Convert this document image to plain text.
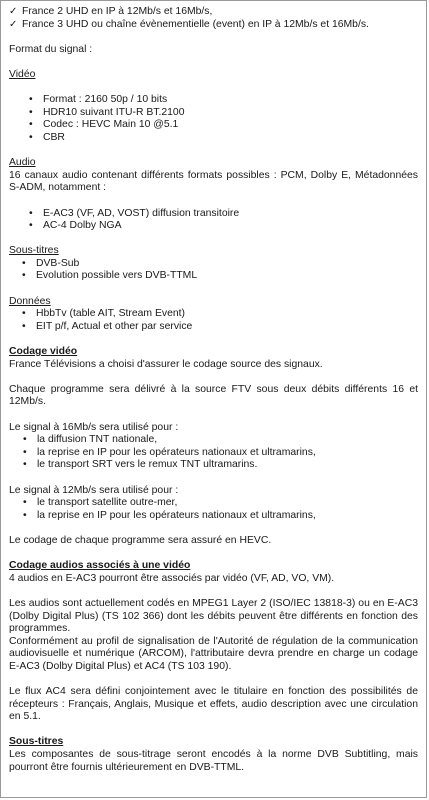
✓ France 2 UHD en IP à 12Mb/s et 16Mb/s,
✓ France 3 UHD ou chaîne évènementielle (event) en IP à 12Mb/s et 16Mb/s.

Format du signal :

Vidéo

• Format : 2160 50p / 10 bits
• HDR10 suivant ITU-R BT.2100
• Codec : HEVC Main 10 @5.1
• CBR

Audio

16 canaux audio contenant différents formats possibles : PCM, Dolby E, Métadonnées S-ADM, notamment :

• E-AC3 (VF, AD, VOST) diffusion transitoire
• AC-4 Dolby NGA

Sous-titres

• DVB-Sub
• Evolution possible vers DVB-TTML

Données

• HbbTv (table AIT, Stream Event)
• EIT p/f, Actual et other par service

Codage vidéo

France Télévisions a choisi d'assurer le codage source des signaux.

Chaque programme sera délivré à la source FTV sous deux débits différents 16 et 12Mb/s.

Le signal à 16Mb/s sera utilisé pour :

• la diffusion TNT nationale,
• la reprise en IP pour les opérateurs nationaux et ultramarins,
• le transport SRT vers le remux TNT ultramarins.

Le signal à 12Mb/s sera utilisé pour :

• le transport satellite outre-mer,
• la reprise en IP pour les opérateurs nationaux et ultramarins,

Le codage de chaque programme sera assuré en HEVC.

Codage audios associés à une vidéo

4 audios en E-AC3 pourront être associés par vidéo (VF, AD, VO, VM).

Les audios sont actuellement codés en MPEG1 Layer 2 (ISO/IEC 13818-3) ou en E-AC3 (Dolby Digital Plus) (TS 102 366) dont les débits peuvent être différents en fonction des programmes.

Conformément au profil de signalisation de l'Autorité de régulation de la communication audiovisuelle et numérique (ARCOM), l'attributaire devra prendre en charge un codage E-AC3 (Dolby Digital Plus) et AC4 (TS 103 190).

Le flux AC4 sera défini conjointement avec le titulaire en fonction des possibilités de récepteurs : Français, Anglais, Musique et effets, audio description avec une circulation en 5.1.

Sous-titres

Les composantes de sous-titrage seront encodés à la norme DVB Subtitling, mais pourront être fournis ultérieurement en DVB-TTML.
